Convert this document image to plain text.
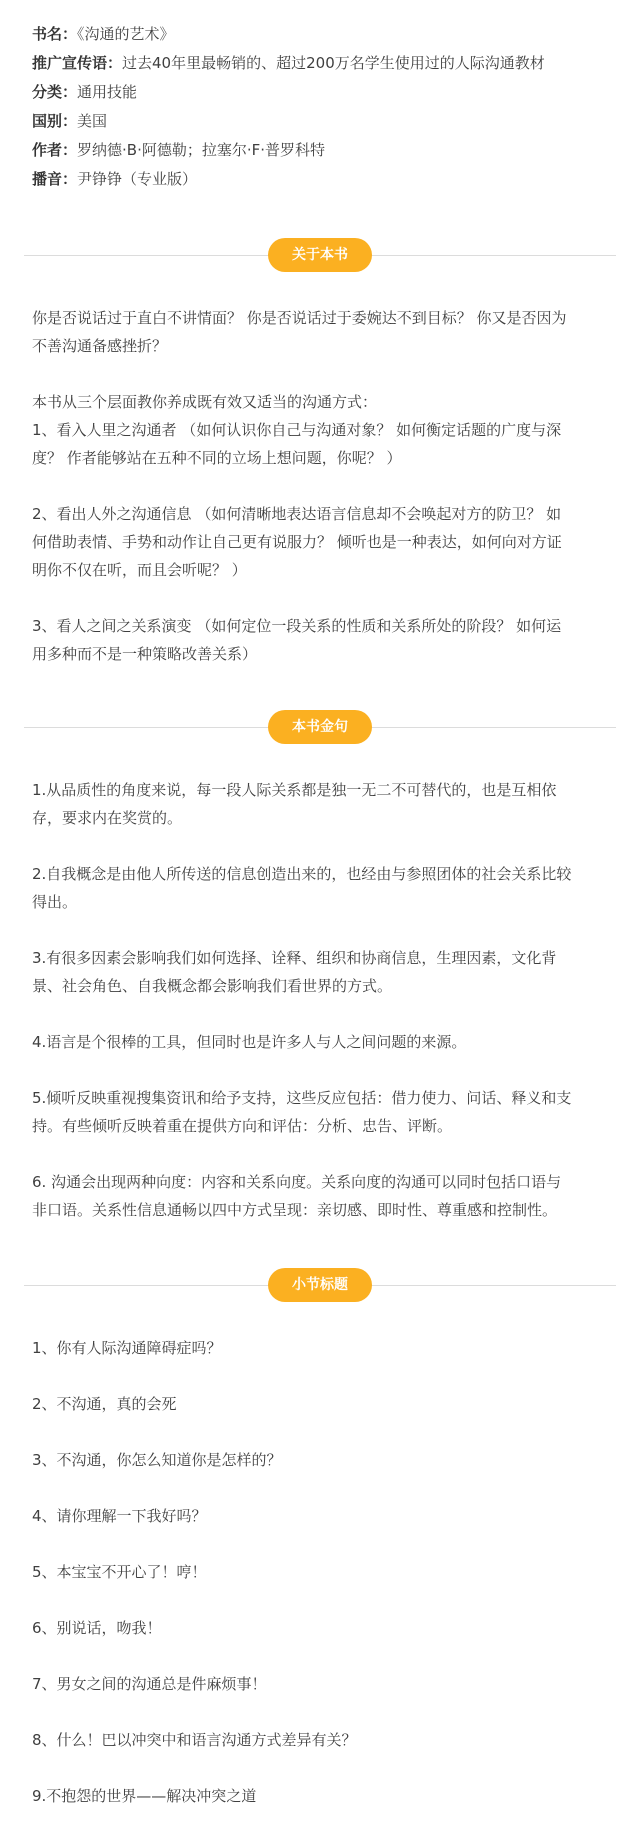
书名：《沟通的艺术》
推广宣传语：过去40年里最畅销的、超过200万名学生使用过的人际沟通教材
分类：通用技能
国别：美国
作者：罗纳德·B·阿德勒；拉塞尔·F·普罗科特
播音：尹铮铮（专业版）
关于本书

你是否说话过于直白不讲情面？ 你是否说话过于委婉达不到目标？ 你又是否因为

不善沟通备感挫折？

本书从三个层面教你养成既有效又适当的沟通方式：

1、看入人里之沟通者 （如何认识你自己与沟通对象？ 如何衡定话题的广度与深

度？ 作者能够站在五种不同的立场上想问题，你呢？ ）

2、看出人外之沟通信息 （如何清晰地表达语言信息却不会唤起对方的防卫？ 如

何借助表情、手势和动作让自己更有说服力？ 倾听也是一种表达，如何向对方证

明你不仅在听，而且会听呢？ ）

3、看人之间之关系演变 （如何定位一段关系的性质和关系所处的阶段？ 如何运

用多种而不是一种策略改善关系）

本书金句

1.从品质性的角度来说，每一段人际关系都是独一无二不可替代的，也是互相依

存，要求内在奖赏的。

2.自我概念是由他人所传送的信息创造出来的，也经由与参照团体的社会关系比较

得出。

3.有很多因素会影响我们如何选择、诠释、组织和协商信息，生理因素，文化背

景、社会角色、自我概念都会影响我们看世界的方式。

4.语言是个很棒的工具，但同时也是许多人与人之间问题的来源。

5.倾听反映重视搜集资讯和给予支持，这些反应包括：借力使力、问话、释义和支

持。有些倾听反映着重在提供方向和评估：分析、忠告、评断。

6. 沟通会出现两种向度：内容和关系向度。关系向度的沟通可以同时包括口语与

非口语。关系性信息通畅以四中方式呈现：亲切感、即时性、尊重感和控制性。

小节标题
1、你有人际沟通障碍症吗？
2、不沟通，真的会死
3、不沟通，你怎么知道你是怎样的？
4、请你理解一下我好吗？
5、本宝宝不开心了！哼！
6、别说话，吻我！
7、男女之间的沟通总是件麻烦事！
8、什么！巴以冲突中和语言沟通方式差异有关？
9.不抱怨的世界——解决冲突之道
